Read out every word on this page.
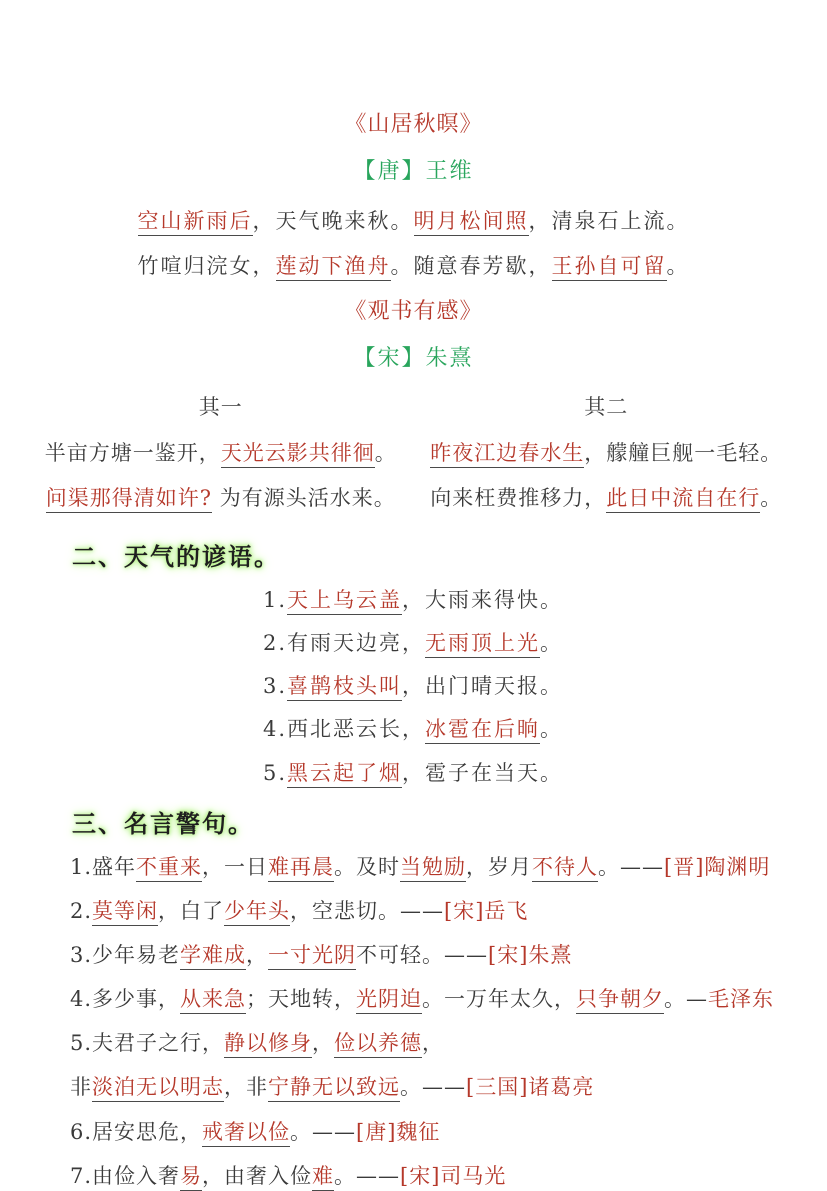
《山居秋暝》
【唐】王维
空山新雨后，天气晚来秋。明月松间照，清泉石上流。
竹喧归浣女，莲动下渔舟。随意春芳歇，王孙自可留。
《观书有感》
【宋】朱熹
其一	其二
半亩方塘一鉴开，天光云影共徘徊。	昨夜江边春水生，艨艟巨舰一毛轻。
问渠那得清如许? 为有源头活水来。	向来枉费推移力，此日中流自在行。
二、天气的谚语。
1.天上乌云盖，大雨来得快。
2.有雨天边亮，无雨顶上光。
3.喜鹊枝头叫，出门晴天报。
4.西北恶云长，冰雹在后晌。
5.黑云起了烟，雹子在当天。
三、名言警句。
1.盛年不重来，一日难再晨。及时当勉励，岁月不待人。——[晋]陶渊明
2.莫等闲，白了少年头，空悲切。——[宋]岳飞
3.少年易老学难成，一寸光阴不可轻。——[宋]朱熹
4.多少事，从来急；天地转，光阴迫。一万年太久，只争朝夕。—毛泽东
5.夫君子之行，静以修身，俭以养德，
非淡泊无以明志，非宁静无以致远。——[三国]诸葛亮
6.居安思危，戒奢以俭。——[唐]魏征
7.由俭入奢易，由奢入俭难。——[宋]司马光
